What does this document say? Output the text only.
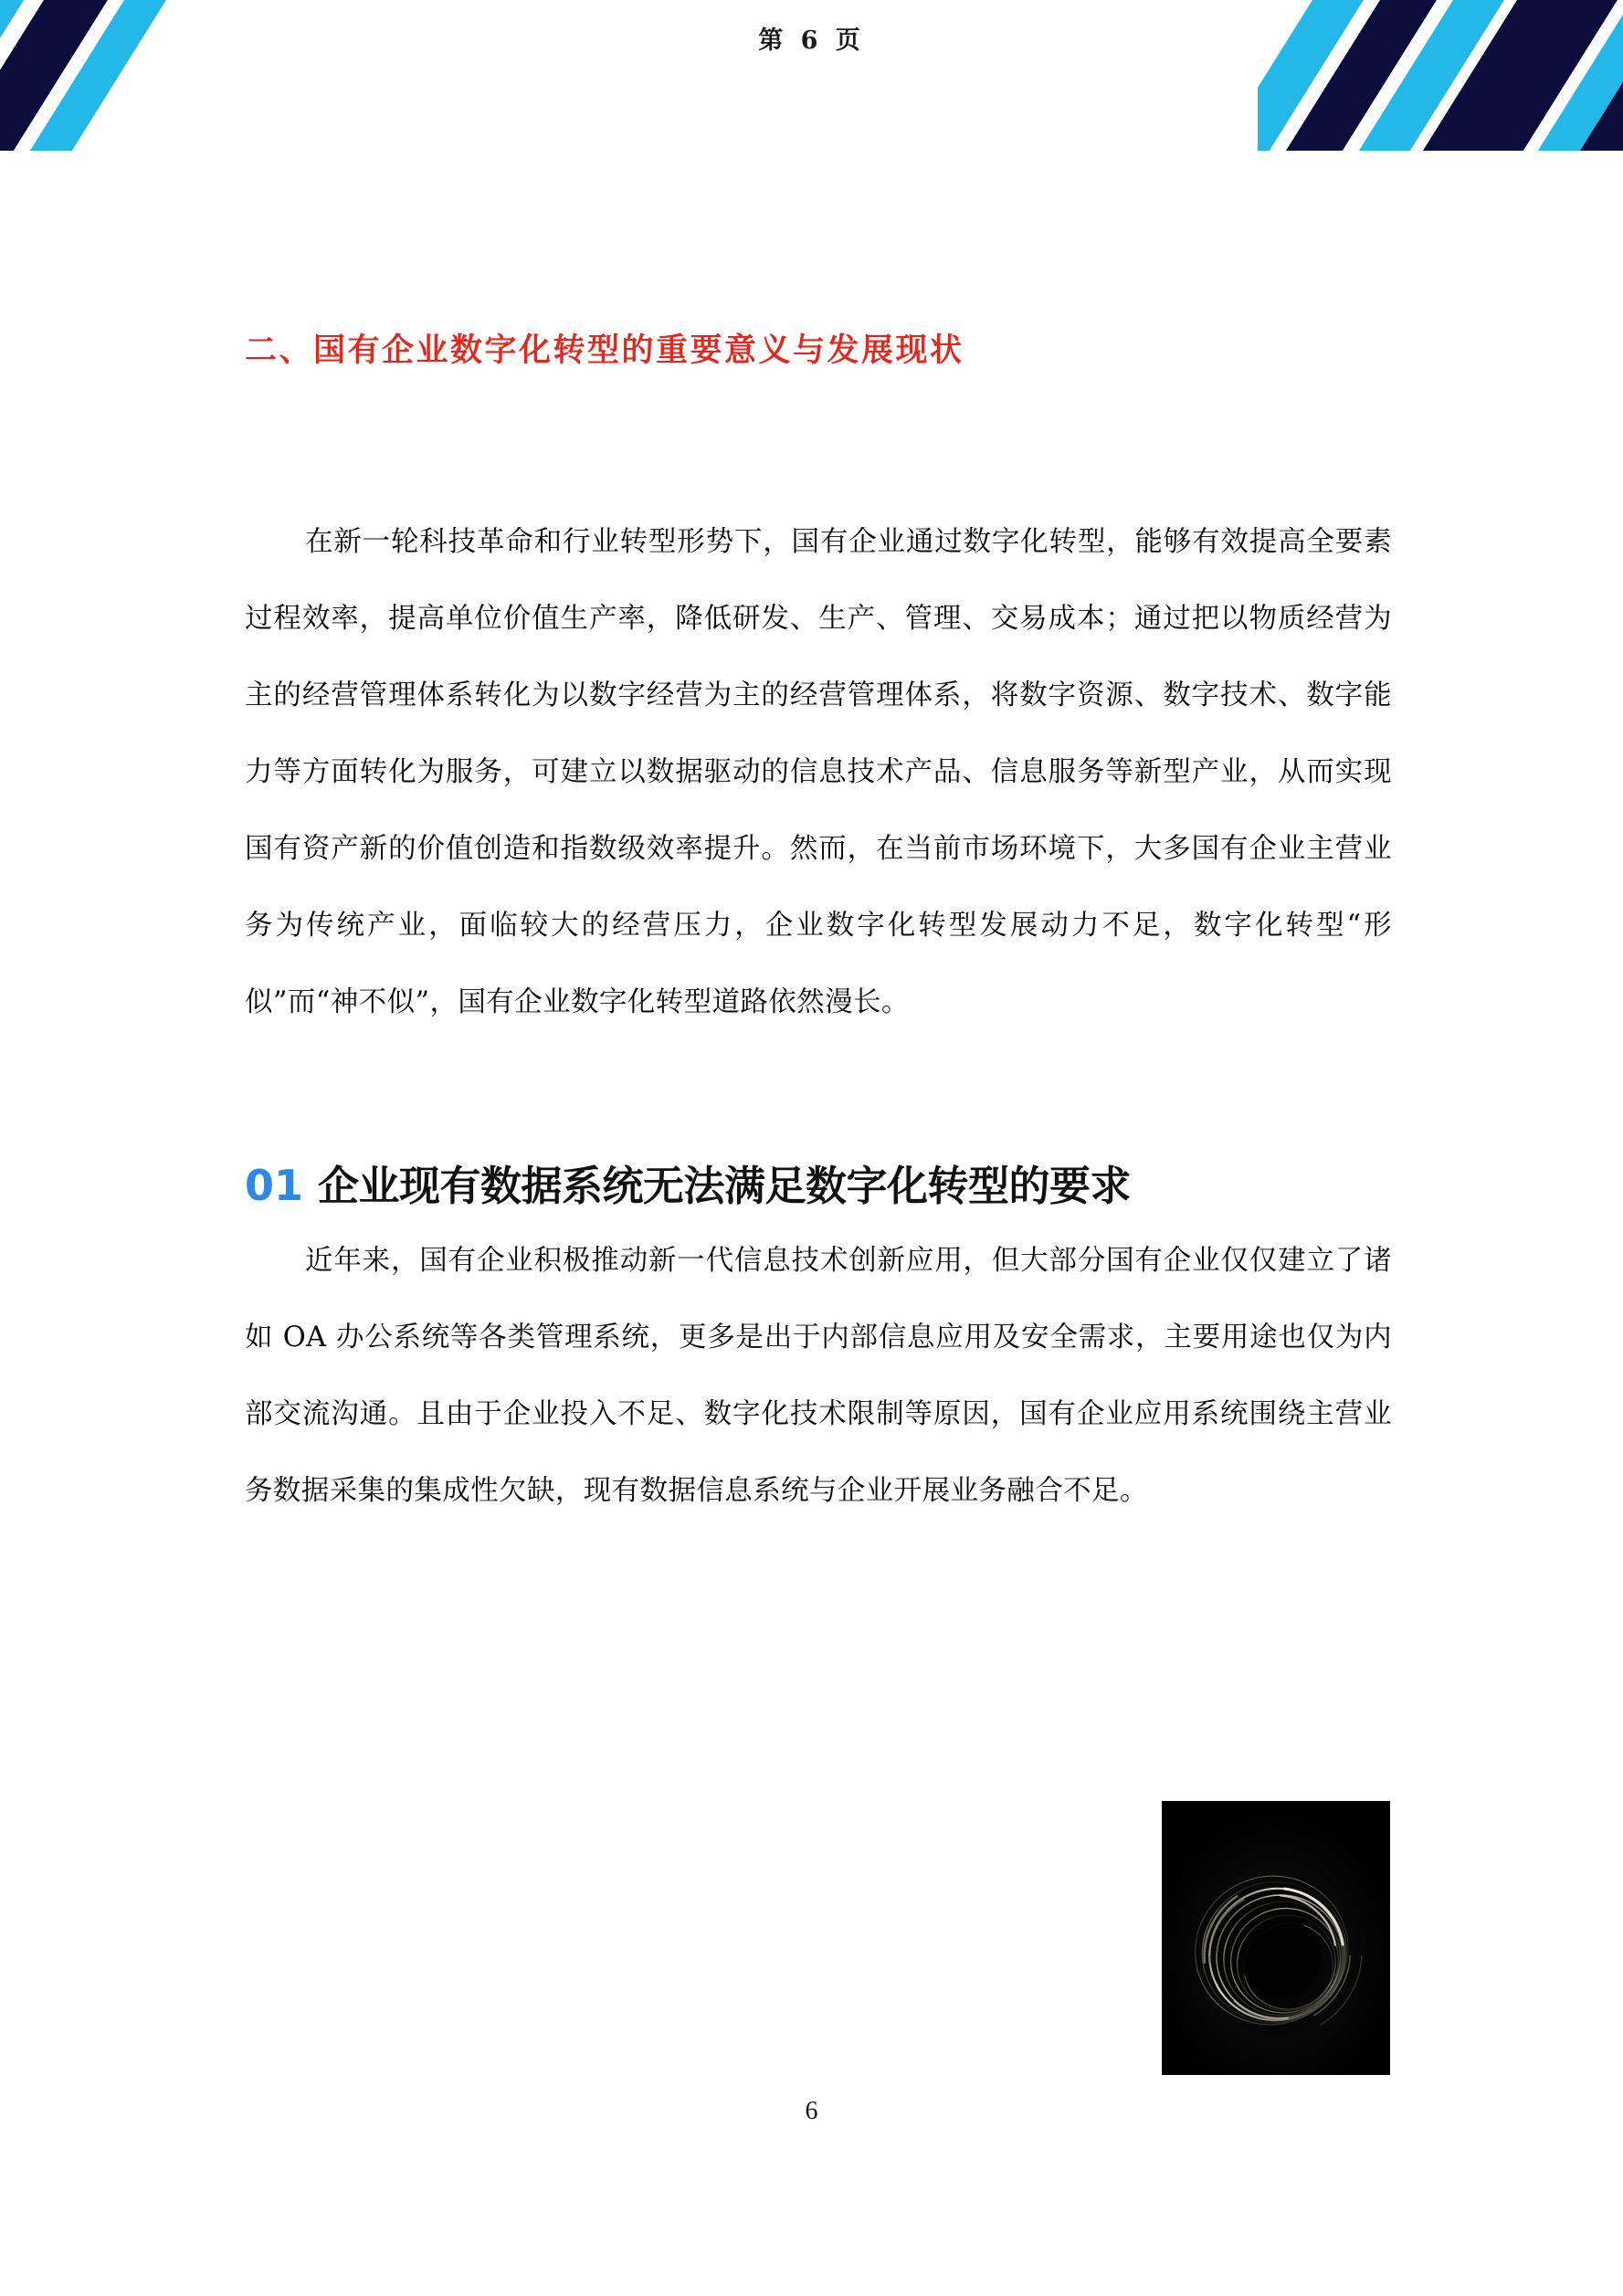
第 6 页
二、国有企业数字化转型的重要意义与发展现状

在新一轮科技革命和行业转型形势下，国有企业通过数字化转型，能够有效提高全要素过程效率，提高单位价值生产率，降低研发、生产、管理、交易成本；通过把以物质经营为主的经营管理体系转化为以数字经营为主的经营管理体系，将数字资源、数字技术、数字能力等方面转化为服务，可建立以数据驱动的信息技术产品、信息服务等新型产业，从而实现国有资产新的价值创造和指数级效率提升。然而，在当前市场环境下，大多国有企业主营业务为传统产业，面临较大的经营压力，企业数字化转型发展动力不足，数字化转型“形似”而“神不似”，国有企业数字化转型道路依然漫长。

01 企业现有数据系统无法满足数字化转型的要求

近年来，国有企业积极推动新一代信息技术创新应用，但大部分国有企业仅仅建立了诸如 OA 办公系统等各类管理系统，更多是出于内部信息应用及安全需求，主要用途也仅为内部交流沟通。且由于企业投入不足、数字化技术限制等原因，国有企业应用系统围绕主营业务数据采集的集成性欠缺，现有数据信息系统与企业开展业务融合不足。

6
